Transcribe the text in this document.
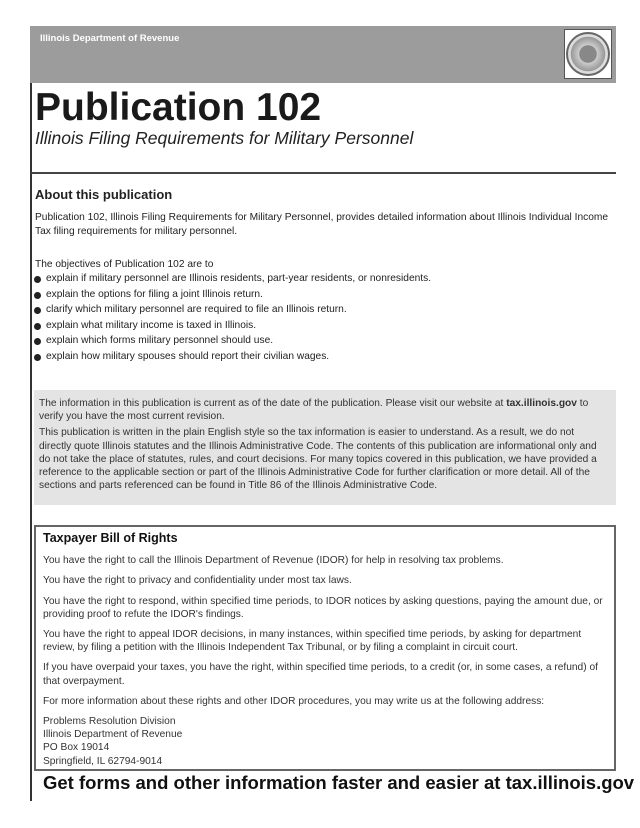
Illinois Department of Revenue
Publication 102
Illinois Filing Requirements for Military Personnel
About this publication

Publication 102, Illinois Filing Requirements for Military Personnel, provides detailed information about Illinois Individual Income Tax filing requirements for military personnel.

The objectives of Publication 102 are to

explain if military personnel are Illinois residents, part-year residents, or nonresidents.
explain the options for filing a joint Illinois return.
clarify which military personnel are required to file an Illinois return.
explain what military income is taxed in Illinois.
explain which forms military personnel should use.
explain how military spouses should report their civilian wages.

The information in this publication is current as of the date of the publication. Please visit our website at tax.illinois.gov to verify you have the most current revision.

This publication is written in the plain English style so the tax information is easier to understand. As a result, we do not directly quote Illinois statutes and the Illinois Administrative Code. The contents of this publication are informational only and do not take the place of statutes, rules, and court decisions. For many topics covered in this publication, we have provided a reference to the applicable section or part of the Illinois Administrative Code for further clarification or more detail. All of the sections and parts referenced can be found in Title 86 of the Illinois Administrative Code.

Taxpayer Bill of Rights

You have the right to call the Illinois Department of Revenue (IDOR) for help in resolving tax problems.

You have the right to privacy and confidentiality under most tax laws.

You have the right to respond, within specified time periods, to IDOR notices by asking questions, paying the amount due, or providing proof to refute the IDOR's findings.

You have the right to appeal IDOR decisions, in many instances, within specified time periods, by asking for department review, by filing a petition with the Illinois Independent Tax Tribunal, or by filing a complaint in circuit court.

If you have overpaid your taxes, you have the right, within specified time periods, to a credit (or, in some cases, a refund) of that overpayment.

For more information about these rights and other IDOR procedures, you may write us at the following address:

Problems Resolution Division
Illinois Department of Revenue
PO Box 19014
Springfield, IL 62794-9014
Get forms and other information faster and easier at tax.illinois.gov
